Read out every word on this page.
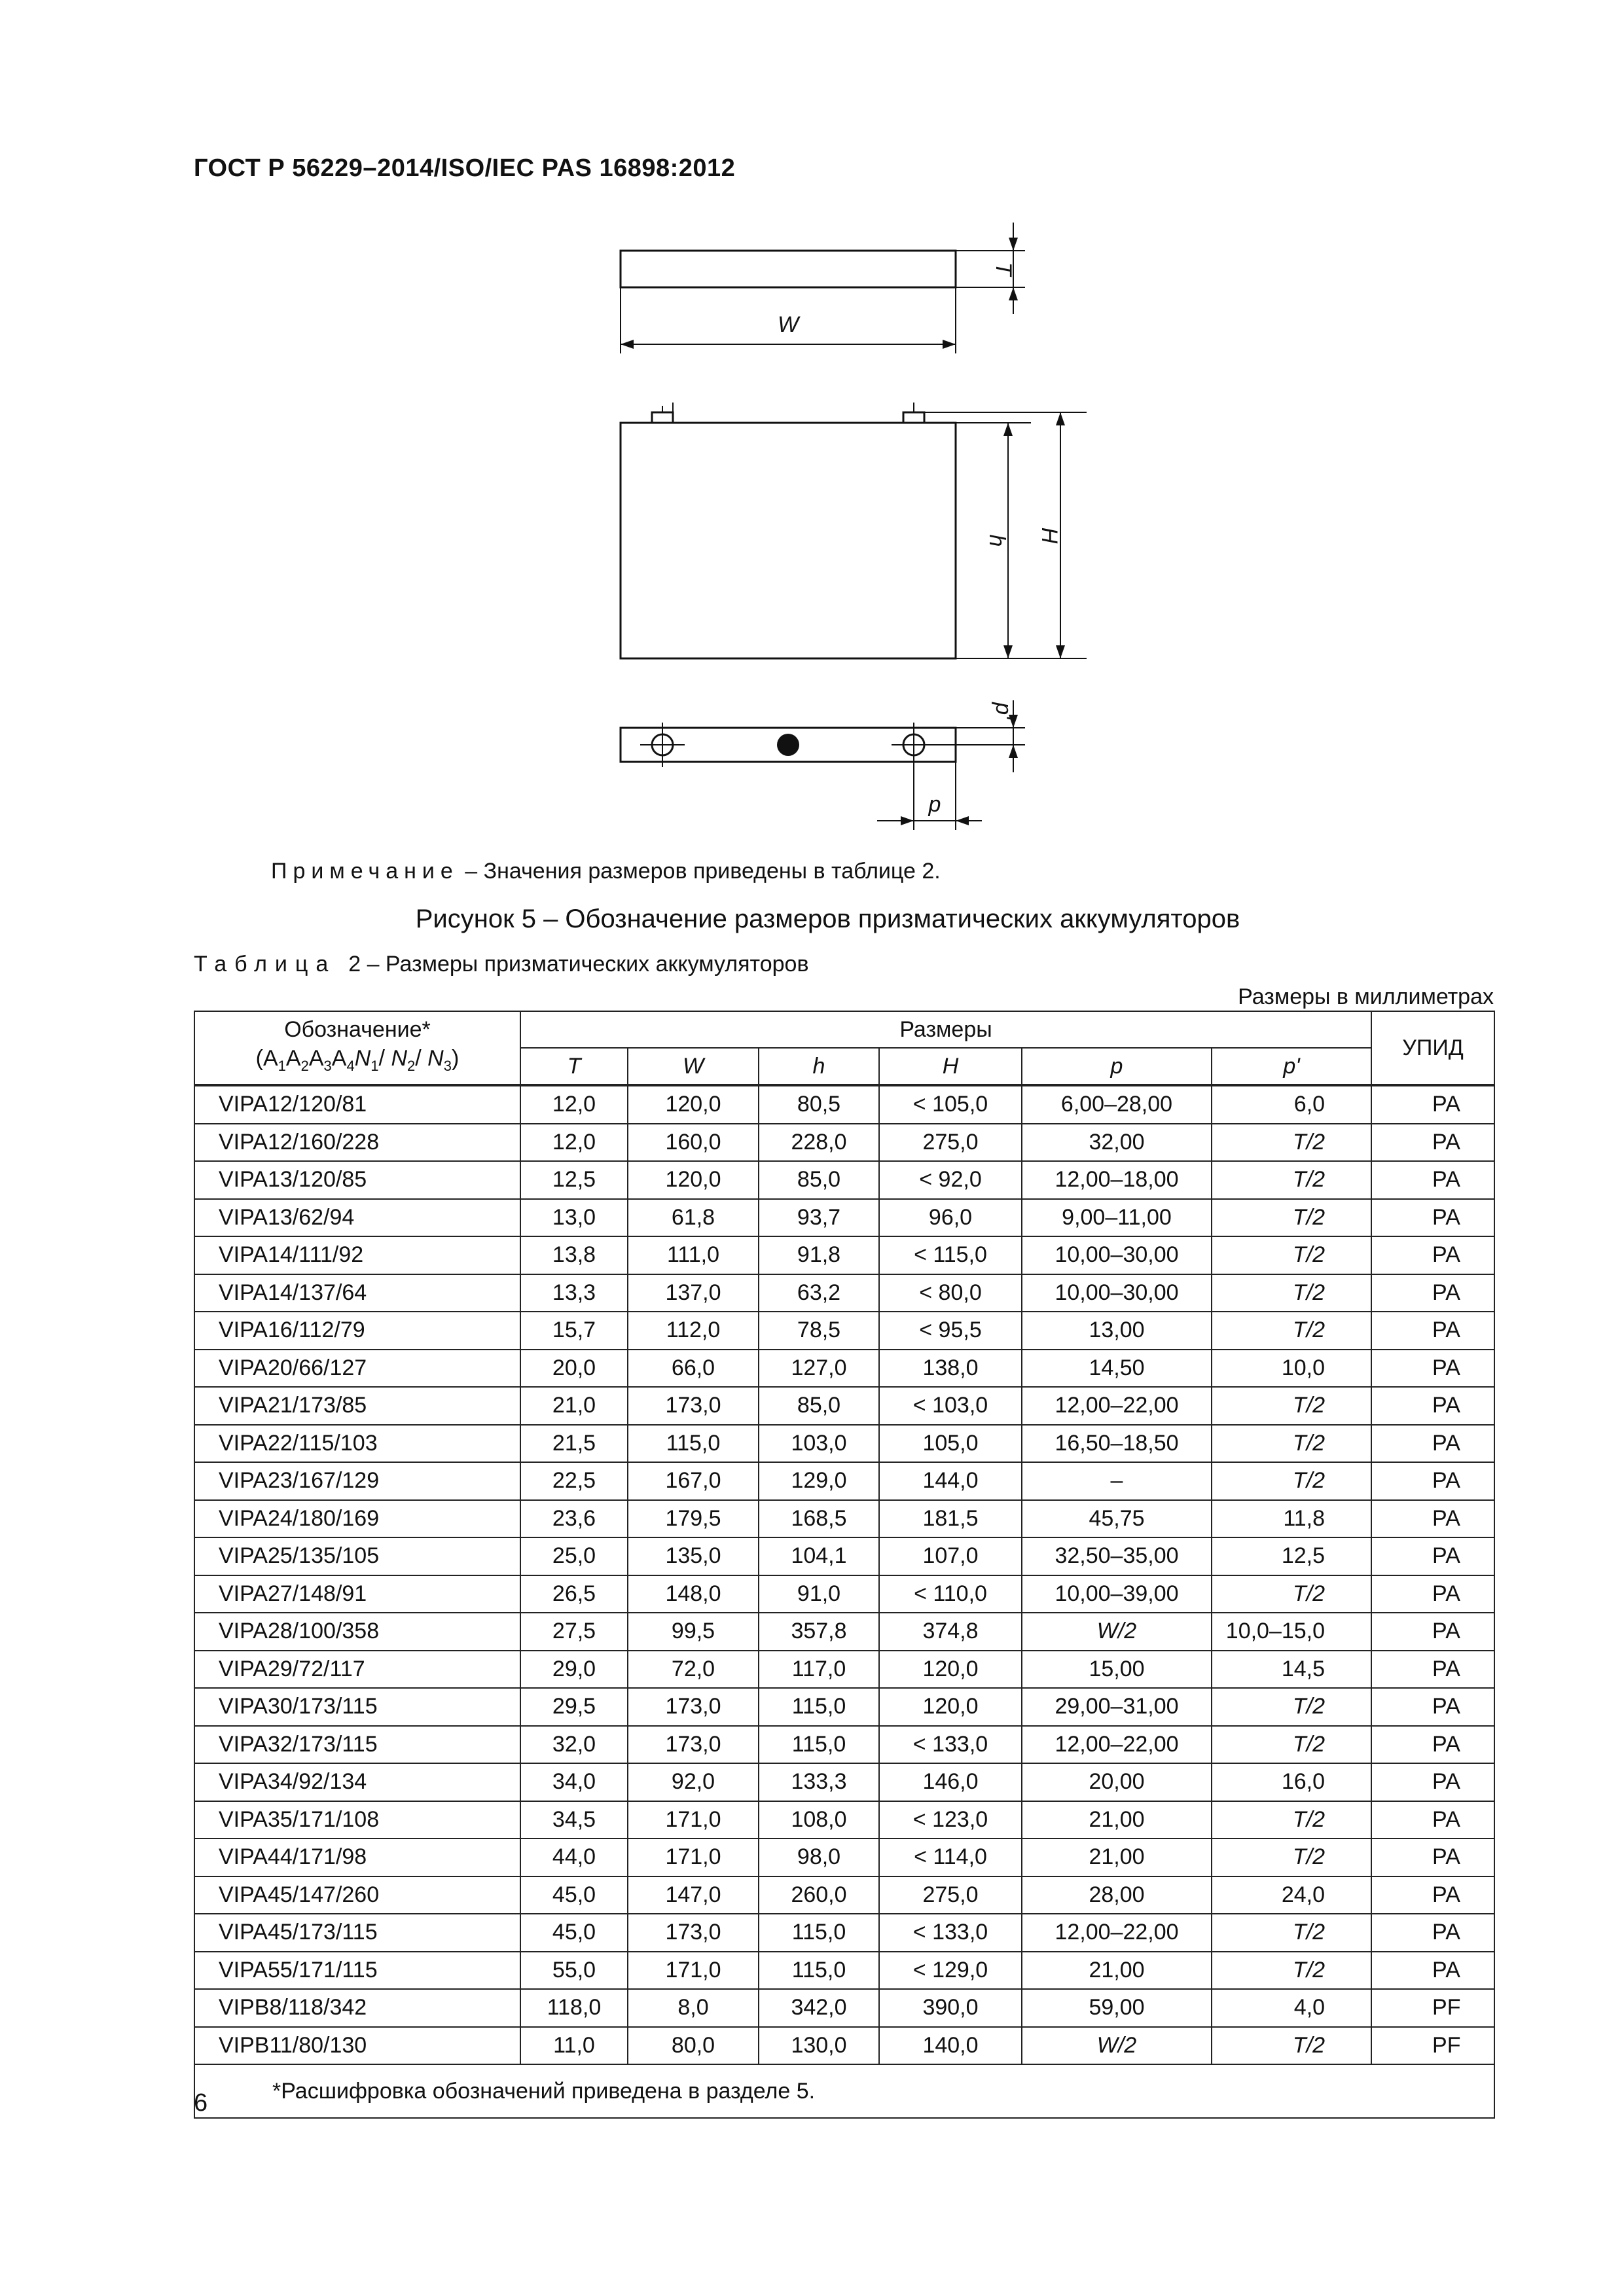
ГОСТ Р 56229–2014/ISO/IEC PAS 16898:2012
T
W
h H
p'
p
Примечание – Значения размеров приведены в таблице 2.
Рисунок 5 – Обозначение размеров призматических аккумуляторов
Таблица 2 – Размеры призматических аккумуляторов
Размеры в миллиметрах
Обозначение*
($A_1A_2A_3A_4N_1/$ $N_2/$ $N_3$)	Размеры						УПИД
	T	W	h	H	p	p'	
VIPA12/120/81	12,0	120,0	80,5	< 105,0	6,00–28,00	6,0	PA
VIPA12/160/228	12,0	160,0	228,0	275,0	32,00	T/2	PA
VIPA13/120/85	12,5	120,0	85,0	< 92,0	12,00–18,00	T/2	PA
VIPA13/62/94	13,0	61,8	93,7	96,0	9,00–11,00	T/2	PA
VIPA14/111/92	13,8	111,0	91,8	< 115,0	10,00–30,00	T/2	PA
VIPA14/137/64	13,3	137,0	63,2	< 80,0	10,00–30,00	T/2	PA
VIPA16/112/79	15,7	112,0	78,5	< 95,5	13,00	T/2	PA
VIPA20/66/127	20,0	66,0	127,0	138,0	14,50	10,0	PA
VIPA21/173/85	21,0	173,0	85,0	< 103,0	12,00–22,00	T/2	PA
VIPA22/115/103	21,5	115,0	103,0	105,0	16,50–18,50	T/2	PA
VIPA23/167/129	22,5	167,0	129,0	144,0	–	T/2	PA
VIPA24/180/169	23,6	179,5	168,5	181,5	45,75	11,8	PA
VIPA25/135/105	25,0	135,0	104,1	107,0	32,50–35,00	12,5	PA
VIPA27/148/91	26,5	148,0	91,0	< 110,0	10,00–39,00	T/2	PA
VIPA28/100/358	27,5	99,5	357,8	374,8	W/2	10,0–15,0	PA
VIPA29/72/117	29,0	72,0	117,0	120,0	15,00	14,5	PA
VIPA30/173/115	29,5	173,0	115,0	120,0	29,00–31,00	T/2	PA
VIPA32/173/115	32,0	173,0	115,0	< 133,0	12,00–22,00	T/2	PA
VIPA34/92/134	34,0	92,0	133,3	146,0	20,00	16,0	PA
VIPA35/171/108	34,5	171,0	108,0	< 123,0	21,00	T/2	PA
VIPA44/171/98	44,0	171,0	98,0	< 114,0	21,00	T/2	PA
VIPA45/147/260	45,0	147,0	260,0	275,0	28,00	24,0	PA
VIPA45/173/115	45,0	173,0	115,0	< 133,0	12,00–22,00	T/2	PA
VIPA55/171/115	55,0	171,0	115,0	< 129,0	21,00	T/2	PA
VIPB8/118/342	118,0	8,0	342,0	390,0	59,00	4,0	PF
VIPB11/80/130	11,0	80,0	130,0	140,0	W/2	T/2	PF
*Расшифровка обозначений приведена в разделе 5.							
6
